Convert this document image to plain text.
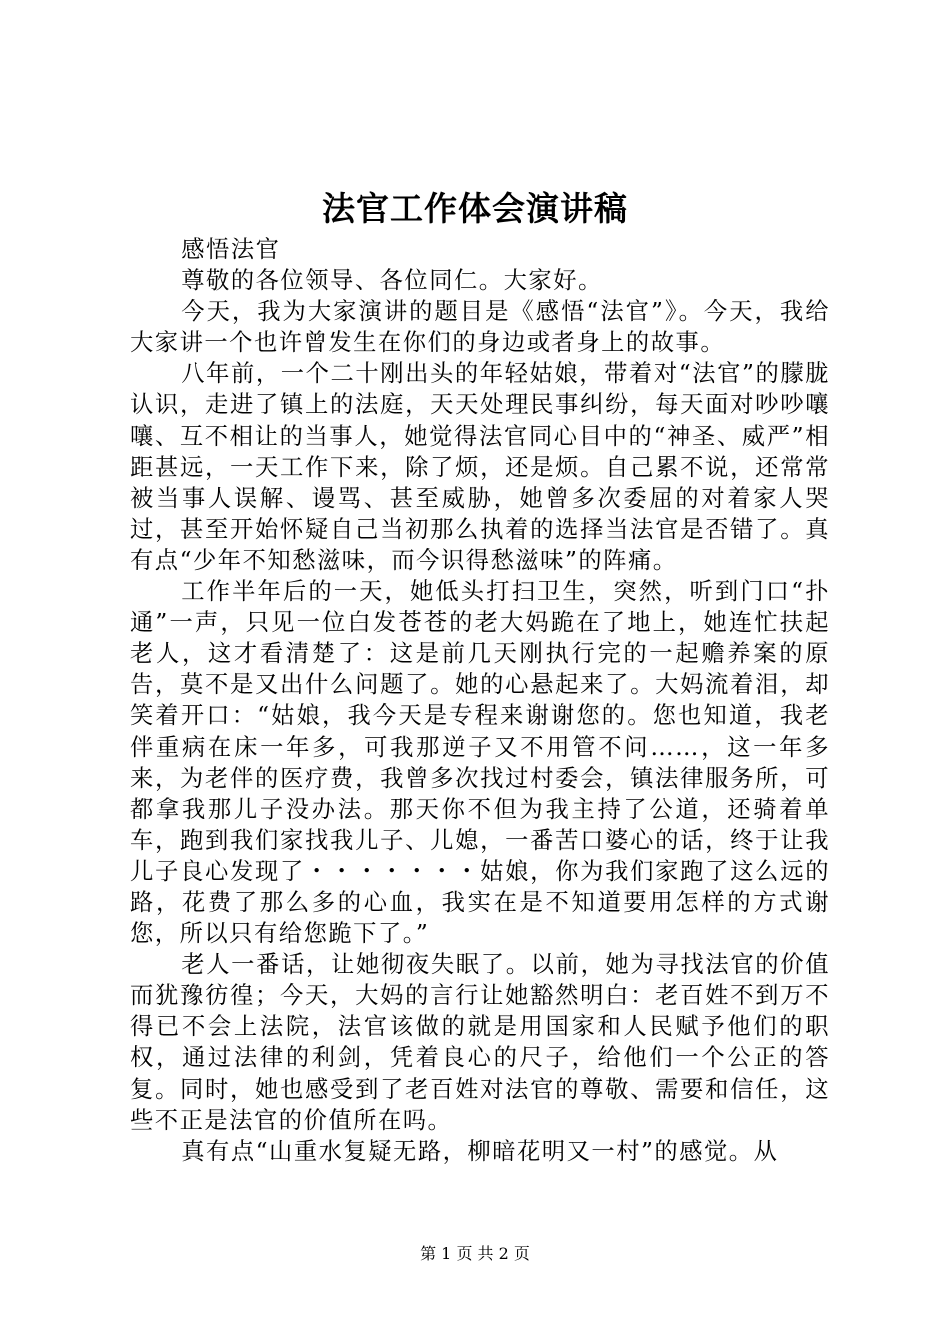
法官工作体会演讲稿

感悟法官

尊敬的各位领导、各位同仁。大家好。

今天，我为大家演讲的题目是《感悟“法官”》。今天，我给大家讲一个也许曾发生在你们的身边或者身上的故事。

八年前，一个二十刚出头的年轻姑娘，带着对“法官”的朦胧认识，走进了镇上的法庭，天天处理民事纠纷，每天面对吵吵嚷嚷、互不相让的当事人，她觉得法官同心目中的“神圣、威严”相距甚远，一天工作下来，除了烦，还是烦。自己累不说，还常常被当事人误解、谩骂、甚至威胁，她曾多次委屈的对着家人哭过，甚至开始怀疑自己当初那么执着的选择当法官是否错了。真有点“少年不知愁滋味，而今识得愁滋味”的阵痛。

工作半年后的一天，她低头打扫卫生，突然，听到门口“扑通”一声，只见一位白发苍苍的老大妈跪在了地上，她连忙扶起老人，这才看清楚了：这是前几天刚执行完的一起赡养案的原告，莫不是又出什么问题了。她的心悬起来了。大妈流着泪，却笑着开口：“姑娘，我今天是专程来谢谢您的。您也知道，我老伴重病在床一年多，可我那逆子又不用管不问……，这一年多来，为老伴的医疗费，我曾多次找过村委会，镇法律服务所，可都拿我那儿子没办法。那天你不但为我主持了公道，还骑着单车，跑到我们家找我儿子、儿媳，一番苦口婆心的话，终于让我儿子良心发现了・・・・・・・姑娘，你为我们家跑了这么远的路，花费了那么多的心血，我实在是不知道要用怎样的方式谢您，所以只有给您跪下了。”

老人一番话，让她彻夜失眠了。以前，她为寻找法官的价值而犹豫彷徨；今天，大妈的言行让她豁然明白：老百姓不到万不得已不会上法院，法官该做的就是用国家和人民赋予他们的职权，通过法律的利剑，凭着良心的尺子，给他们一个公正的答复。同时，她也感受到了老百姓对法官的尊敬、需要和信任，这些不正是法官的价值所在吗。

真有点“山重水复疑无路，柳暗花明又一村”的感觉。从

第 1 页 共 2 页
